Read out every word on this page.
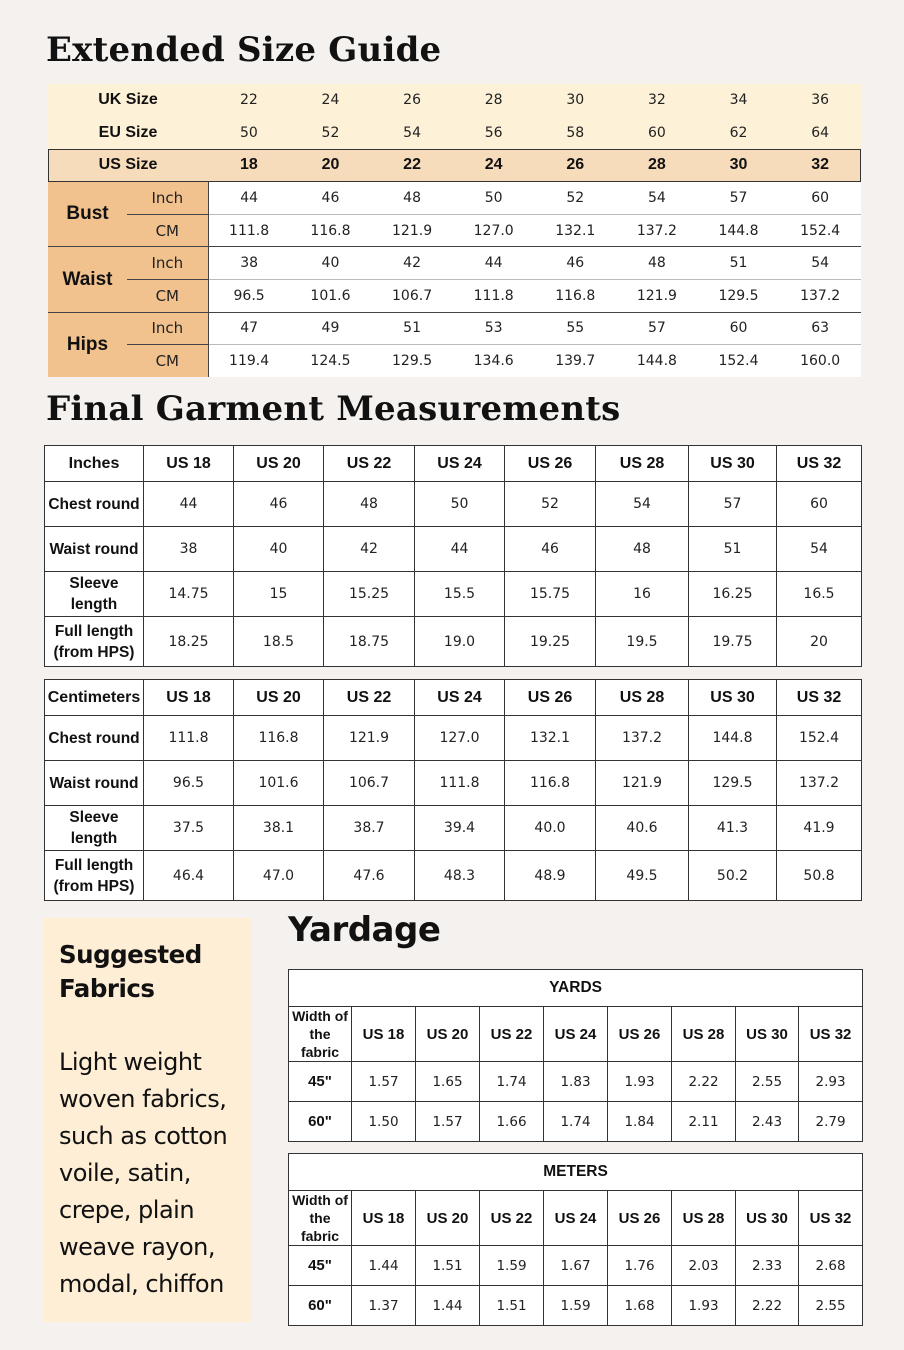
Extended Size Guide
UK Size		22	24	26	28	30	32	34	36
EU Size		50	52	54	56	58	60	62	64
US Size		18	20	22	24	26	28	30	32
Bust	Inch	44	46	48	50	52	54	57	60
	CM	111.8	116.8	121.9	127.0	132.1	137.2	144.8	152.4
Waist	Inch	38	40	42	44	46	48	51	54
	CM	96.5	101.6	106.7	111.8	116.8	121.9	129.5	137.2
Hips	Inch	47	49	51	53	55	57	60	63
	CM	119.4	124.5	129.5	134.6	139.7	144.8	152.4	160.0
Final Garment Measurements
Inches	US 18	US 20	US 22	US 24	US 26	US 28	US 30	US 32

Chest round	44	46	48	50	52	54	57	60

Waist round	38	40	42	44	46	48	51	54

Sleeve length	14.75	15	15.25	15.5	15.75	16	16.25	16.5

Full length
(from HPS)	18.25	18.5	18.75	19.0	19.25	19.5	19.75	20
Centimeters	US 18	US 20	US 22	US 24	US 26	US 28	US 30	US 32

Chest round	111.8	116.8	121.9	127.0	132.1	137.2	144.8	152.4

Waist round	96.5	101.6	106.7	111.8	116.8	121.9	129.5	137.2

Sleeve length	37.5	38.1	38.7	39.4	40.0	40.6	41.3	41.9

Full length
(from HPS)	46.4	47.0	47.6	48.3	48.9	49.5	50.2	50.8
Suggested
Fabrics
Light weight
woven fabrics,
such as cotton
voile, satin,
crepe, plain
weave rayon,
modal, chiffon
Yardage
YARDS								

Width of
the fabric	US 18	US 20	US 22	US 24	US 26	US 28	US 30	US 32
45"	1.57	1.65	1.74	1.83	1.93	2.22	2.55	2.93
60"	1.50	1.57	1.66	1.74	1.84	2.11	2.43	2.79
METERS								

Width of
the fabric	US 18	US 20	US 22	US 24	US 26	US 28	US 30	US 32
45"	1.44	1.51	1.59	1.67	1.76	2.03	2.33	2.68
60"	1.37	1.44	1.51	1.59	1.68	1.93	2.22	2.55
